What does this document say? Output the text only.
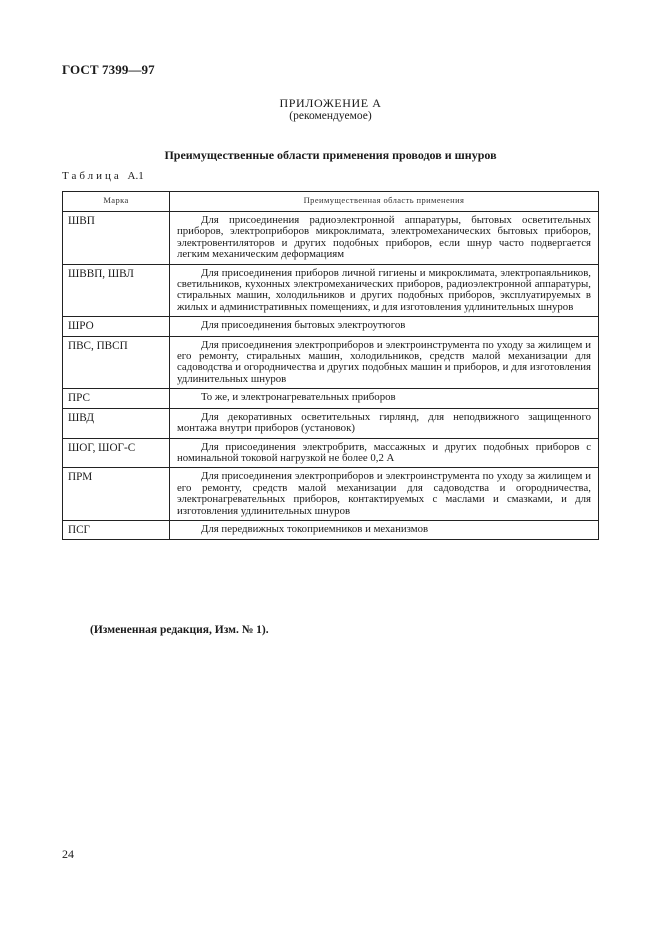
ГОСТ 7399—97
ПРИЛОЖЕНИЕ А
(рекомендуемое)
Преимущественные области применения проводов и шнуров
Таблица А.1
Марка	Преимущественная область применения
ШВП	Для присоединения радиоэлектронной аппаратуры, бытовых осветительных приборов, электроприборов микроклимата, электромеханических бытовых приборов, электровентиляторов и других подобных приборов, если шнур часто подвергается легким механическим деформациям
ШВВП, ШВЛ	Для присоединения приборов личной гигиены и микроклимата, электропаяльников, светильников, кухонных электромеханических приборов, радиоэлектронной аппаратуры, стиральных машин, холодильников и других подобных приборов, эксплуатируемых в жилых и административных помещениях, и для изготовления удлинительных шнуров
ШРО	Для присоединения бытовых электроутюгов
ПВС, ПВСП	Для присоединения электроприборов и электроинструмента по уходу за жилищем и его ремонту, стиральных машин, холодильников, средств малой механизации для садоводства и огородничества и других подобных машин и приборов, и для изготовления удлинительных шнуров
ПРС	То же, и электронагревательных приборов
ШВД	Для декоративных осветительных гирлянд, для неподвижного защищенного монтажа внутри приборов (установок)
ШОГ, ШОГ-С	Для присоединения электробритв, массажных и других подобных приборов с номинальной токовой нагрузкой не более 0,2 А
ПРМ	Для присоединения электроприборов и электроинструмента по уходу за жилищем и его ремонту, средств малой механизации для садоводства и огородничества, электронагревательных приборов, контактируемых с маслами и смазками, и для изготовления удлинительных шнуров
ПСГ	Для передвижных токоприемников и механизмов
(Измененная редакция, Изм. № 1).
24
